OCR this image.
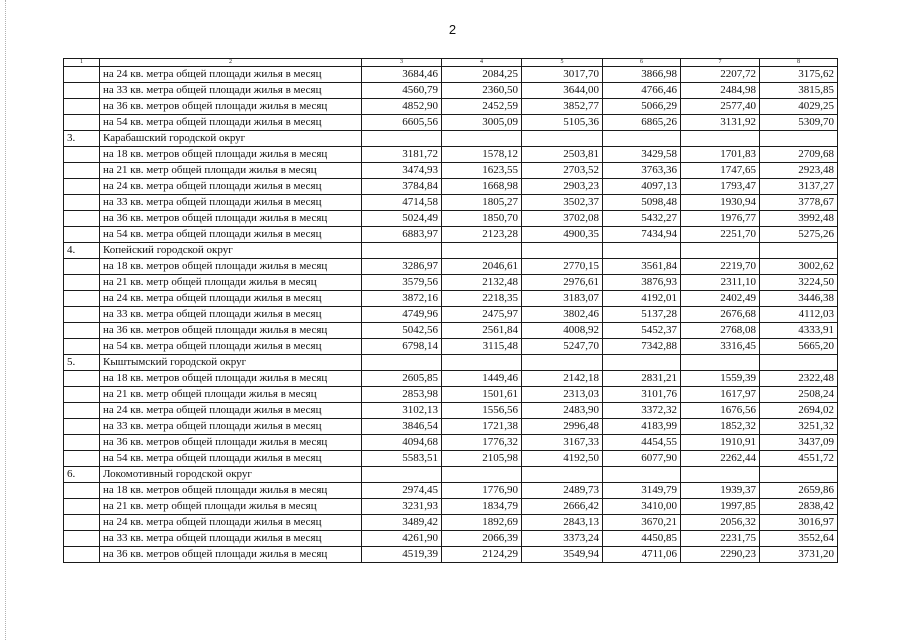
2
1	2	3	4	5	6	7	8
	на 24 кв. метра общей площади жилья в месяц	3684,46	2084,25	3017,70	3866,98	2207,72	3175,62
	на 33 кв. метра общей площади жилья в месяц	4560,79	2360,50	3644,00	4766,46	2484,98	3815,85
	на 36 кв. метров общей площади жилья в месяц	4852,90	2452,59	3852,77	5066,29	2577,40	4029,25
	на 54 кв. метра общей площади жилья в месяц	6605,56	3005,09	5105,36	6865,26	3131,92	5309,70
3.	Карабашский городской округ						
	на 18 кв. метров общей площади жилья в месяц	3181,72	1578,12	2503,81	3429,58	1701,83	2709,68
	на 21 кв. метр общей площади жилья в месяц	3474,93	1623,55	2703,52	3763,36	1747,65	2923,48
	на 24 кв. метра общей площади жилья в месяц	3784,84	1668,98	2903,23	4097,13	1793,47	3137,27
	на 33 кв. метра общей площади жилья в месяц	4714,58	1805,27	3502,37	5098,48	1930,94	3778,67
	на 36 кв. метров общей площади жилья в месяц	5024,49	1850,70	3702,08	5432,27	1976,77	3992,48
	на 54 кв. метра общей площади жилья в месяц	6883,97	2123,28	4900,35	7434,94	2251,70	5275,26
4.	Копейский городской округ						
	на 18 кв. метров общей площади жилья в месяц	3286,97	2046,61	2770,15	3561,84	2219,70	3002,62
	на 21 кв. метр общей площади жилья в месяц	3579,56	2132,48	2976,61	3876,93	2311,10	3224,50
	на 24 кв. метра общей площади жилья в месяц	3872,16	2218,35	3183,07	4192,01	2402,49	3446,38
	на 33 кв. метра общей площади жилья в месяц	4749,96	2475,97	3802,46	5137,28	2676,68	4112,03
	на 36 кв. метров общей площади жилья в месяц	5042,56	2561,84	4008,92	5452,37	2768,08	4333,91
	на 54 кв. метра общей площади жилья в месяц	6798,14	3115,48	5247,70	7342,88	3316,45	5665,20
5.	Кыштымский городской округ						
	на 18 кв. метров общей площади жилья в месяц	2605,85	1449,46	2142,18	2831,21	1559,39	2322,48
	на 21 кв. метр общей площади жилья в месяц	2853,98	1501,61	2313,03	3101,76	1617,97	2508,24
	на 24 кв. метра общей площади жилья в месяц	3102,13	1556,56	2483,90	3372,32	1676,56	2694,02
	на 33 кв. метра общей площади жилья в месяц	3846,54	1721,38	2996,48	4183,99	1852,32	3251,32
	на 36 кв. метров общей площади жилья в месяц	4094,68	1776,32	3167,33	4454,55	1910,91	3437,09
	на 54 кв. метра общей площади жилья в месяц	5583,51	2105,98	4192,50	6077,90	2262,44	4551,72
6.	Локомотивный городской округ						
	на 18 кв. метров общей площади жилья в месяц	2974,45	1776,90	2489,73	3149,79	1939,37	2659,86
	на 21 кв. метр общей площади жилья в месяц	3231,93	1834,79	2666,42	3410,00	1997,85	2838,42
	на 24 кв. метра общей площади жилья в месяц	3489,42	1892,69	2843,13	3670,21	2056,32	3016,97
	на 33 кв. метра общей площади жилья в месяц	4261,90	2066,39	3373,24	4450,85	2231,75	3552,64
	на 36 кв. метров общей площади жилья в месяц	4519,39	2124,29	3549,94	4711,06	2290,23	3731,20
